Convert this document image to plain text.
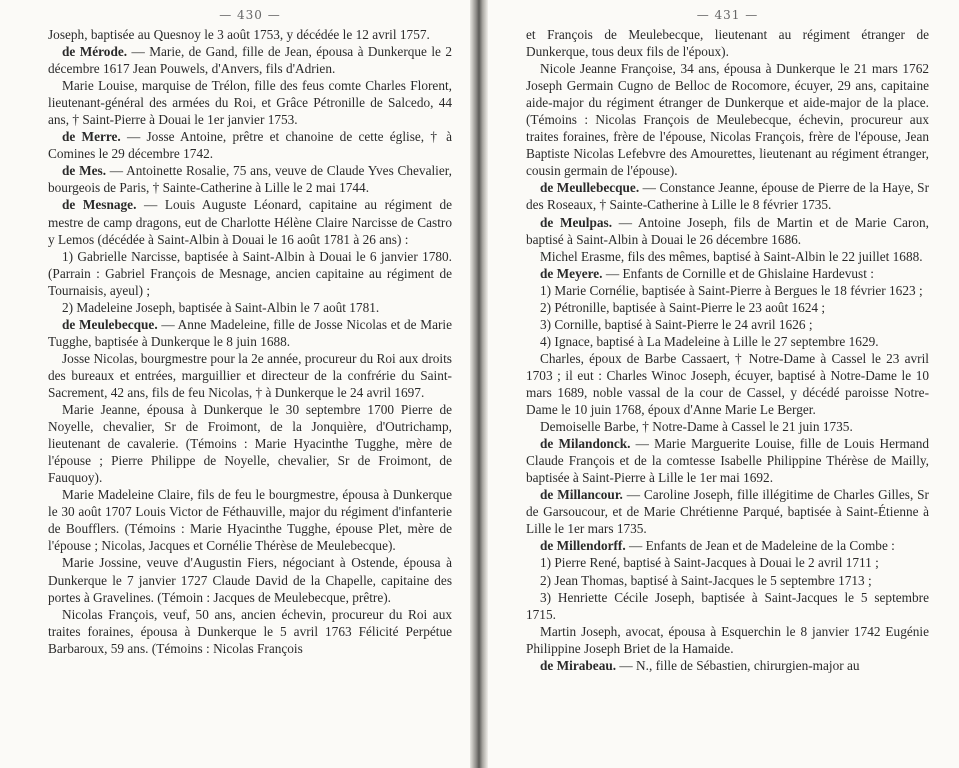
— 430 —

Joseph, baptisée au Quesnoy le 3 août 1753, y décédée le 12 avril 1757.

de Mérode. — Marie, de Gand, fille de Jean, épousa à Dunkerque le 2 décembre 1617 Jean Pouwels, d'Anvers, fils d'Adrien.

Marie Louise, marquise de Trélon, fille des feus comte Charles Florent, lieutenant-général des armées du Roi, et Grâce Pétronille de Salcedo, 44 ans, † Saint-Pierre à Douai le 1er janvier 1753.

de Merre. — Josse Antoine, prêtre et chanoine de cette église, † à Comines le 29 décembre 1742.

de Mes. — Antoinette Rosalie, 75 ans, veuve de Claude Yves Chevalier, bourgeois de Paris, † Sainte-Catherine à Lille le 2 mai 1744.

de Mesnage. — Louis Auguste Léonard, capitaine au régiment de mestre de camp dragons, eut de Charlotte Hélène Claire Narcisse de Castro y Lemos (décédée à Saint-Albin à Douai le 16 août 1781 à 26 ans) :

1) Gabrielle Narcisse, baptisée à Saint-Albin à Douai le 6 janvier 1780. (Parrain : Gabriel François de Mesnage, ancien capitaine au régiment de Tournaisis, ayeul) ;

2) Madeleine Joseph, baptisée à Saint-Albin le 7 août 1781.

de Meulebecque. — Anne Madeleine, fille de Josse Nicolas et de Marie Tugghe, baptisée à Dunkerque le 8 juin 1688.

Josse Nicolas, bourgmestre pour la 2e année, procureur du Roi aux droits des bureaux et entrées, marguillier et directeur de la confrérie du Saint-Sacrement, 42 ans, fils de feu Nicolas, † à Dunkerque le 24 avril 1697.

Marie Jeanne, épousa à Dunkerque le 30 septembre 1700 Pierre de Noyelle, chevalier, Sr de Froimont, de la Jonquière, d'Outrichamp, lieutenant de cavalerie. (Témoins : Marie Hyacinthe Tugghe, mère de l'épouse ; Pierre Philippe de Noyelle, chevalier, Sr de Froimont, de Fauquoy).

Marie Madeleine Claire, fils de feu le bourgmestre, épousa à Dunkerque le 30 août 1707 Louis Victor de Féthauville, major du régiment d'infanterie de Boufflers. (Témoins : Marie Hyacinthe Tugghe, épouse Plet, mère de l'épouse ; Nicolas, Jacques et Cornélie Thérèse de Meulebecque).

Marie Jossine, veuve d'Augustin Fiers, négociant à Ostende, épousa à Dunkerque le 7 janvier 1727 Claude David de la Chapelle, capitaine des portes à Gravelines. (Témoin : Jacques de Meulebecque, prêtre).

Nicolas François, veuf, 50 ans, ancien échevin, procureur du Roi aux traites foraines, épousa à Dunkerque le 5 avril 1763 Félicité Perpétue Barbaroux, 59 ans. (Témoins : Nicolas François

— 431 —

et François de Meulebecque, lieutenant au régiment étranger de Dunkerque, tous deux fils de l'époux).

Nicole Jeanne Françoise, 34 ans, épousa à Dunkerque le 21 mars 1762 Joseph Germain Cugno de Belloc de Rocomore, écuyer, 29 ans, capitaine aide-major du régiment étranger de Dunkerque et aide-major de la place. (Témoins : Nicolas François de Meulebecque, échevin, procureur aux traites foraines, frère de l'épouse, Nicolas François, frère de l'épouse, Jean Baptiste Nicolas Lefebvre des Amourettes, lieutenant au régiment étranger, cousin germain de l'épouse).

de Meullebecque. — Constance Jeanne, épouse de Pierre de la Haye, Sr des Roseaux, † Sainte-Catherine à Lille le 8 février 1735.

de Meulpas. — Antoine Joseph, fils de Martin et de Marie Caron, baptisé à Saint-Albin à Douai le 26 décembre 1686.

Michel Erasme, fils des mêmes, baptisé à Saint-Albin le 22 juillet 1688.

de Meyere. — Enfants de Cornille et de Ghislaine Hardevust :

1) Marie Cornélie, baptisée à Saint-Pierre à Bergues le 18 février 1623 ;

2) Pétronille, baptisée à Saint-Pierre le 23 août 1624 ;

3) Cornille, baptisé à Saint-Pierre le 24 avril 1626 ;

4) Ignace, baptisé à La Madeleine à Lille le 27 septembre 1629.

Charles, époux de Barbe Cassaert, † Notre-Dame à Cassel le 23 avril 1703 ; il eut : Charles Winoc Joseph, écuyer, baptisé à Notre-Dame le 10 mars 1689, noble vassal de la cour de Cassel, y décédé paroisse Notre-Dame le 10 juin 1768, époux d'Anne Marie Le Berger.

Demoiselle Barbe, † Notre-Dame à Cassel le 21 juin 1735.

de Milandonck. — Marie Marguerite Louise, fille de Louis Hermand Claude François et de la comtesse Isabelle Philippine Thérèse de Mailly, baptisée à Saint-Pierre à Lille le 1er mai 1692.

de Millancour. — Caroline Joseph, fille illégitime de Charles Gilles, Sr de Garsoucour, et de Marie Chrétienne Parqué, baptisée à Saint-Étienne à Lille le 1er mars 1735.

de Millendorff. — Enfants de Jean et de Madeleine de la Combe :

1) Pierre René, baptisé à Saint-Jacques à Douai le 2 avril 1711 ;

2) Jean Thomas, baptisé à Saint-Jacques le 5 septembre 1713 ;

3) Henriette Cécile Joseph, baptisée à Saint-Jacques le 5 septembre 1715.

Martin Joseph, avocat, épousa à Esquerchin le 8 janvier 1742 Eugénie Philippine Joseph Briet de la Hamaide.

de Mirabeau. — N., fille de Sébastien, chirurgien-major au
